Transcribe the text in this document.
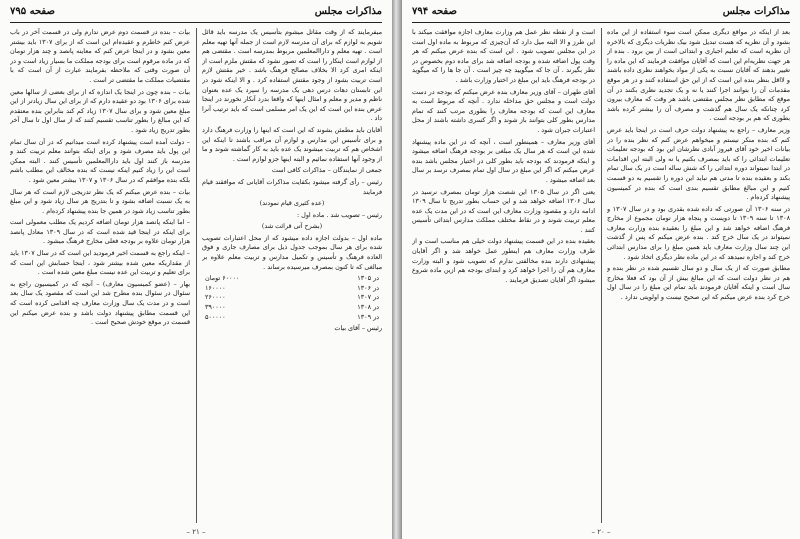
مذاکرات مجلس
صفحه ۷۹۵

میفرمایند که از وقت مقاتل میشوم بتأسیس یک مدرسه باید قائل شویم به لوازم که برای آن مدرسه لازم است از جمله آنها تهیه معلم است . تهیه معلم و داراالمعلمین مربوط بمدرسه است . مقتضی هم از لوازم است اینکار را است که تصور نشود که مقتش ملزم است از اینکه امری کرد الا بخلاف مصالح فرهنگ باشد . خیر مقتش لازم است تربیت بشود از وجود مقتش استفاده کرد . و الا اینکه شود در این تابستان دهات درس دهی یک مدرسه را سپرد یک عده بعنوان ناظم و مدیر و معلم و امثال اینها که واقعا بدرد آنکار نخورند در اینجا عرض بنده این است که این یک امر مسلمی است که باید ترتیب آنرا داد .

آقایان باید مطمئن بشوند که این است که اینها را وزارت فرهنگ دارد و برای تأسیس این مدارس و لوازم آن مراقب باشند تا اینکه این اشخاص هم که تربیت میشوند یک عده باید به کار گماشته شوند و ما از وجود آنها استفاده نمائیم و البته اینها جزو لوازم است .

جمعی از نمایندگان – مذاکرات کافی است

رئیس – رأی گرفته میشود بکفایت مذاکرات آقایانی که موافقند قیام فرمایند

(عده کثیری قیام نمودند)

رئیس – تصویب شد . ماده اول :

(بشرح آتی قرائت شد)

ماده اول – بدولت اجازه داده میشود که از محل اعتبارات تصویب شده برای هر سال بموجب جدول ذیل برای مصارف جاری و فوق العاده فرهنگ و تأسیس و تکمیل مدارس و تربیت معلم علاوه بر مبالغی که تا کنون بمصرف میرسیده برساند .

در ۱۳۰۵	۶۰۰۰۰ تومان
در ۱۳۰۶	۱۶۰۰۰۰
در ۱۳۰۷	۲۶۰۰۰۰
در ۱۳۰۸	۳۹۰۰۰۰
در ۱۳۰۹	۵۰۰۰۰۰

رئیس – آقای بیات

بیات – بنده در قسمت دوم عرض ندارم ولی در قسمت آخر در باب عرض کنم خاطرم و عقیده‌ام این است که از برای ۱۳۰۷ باید بیشتر معین بشود و در اینجا عرض کنم که معاینه پانصد و چند هزار تومان که در ماده مرقوم است برای بودجه مملکت ما بسیار زیاد است و در آن صورت وقتی که ملاحظه بفرمایند عبارت از آن است که با مقتضیات مملکت ما مقتضی تر است .

بیات – بنده چون در اینجا یک اندازه که از برای بعضی از سالها معین شده برای ۱۳۰۶ بود دو عقیده دارم که از برای این سال زیادتر از این مبلغ معین شود و برای سال ۱۳۰۷ زیاد کم کند بنابراین بنده معتقدم که این مبالغ را بطور تناسب تقسیم کنند که از سال اول تا سال آخر بطور تدریج زیاد شود .

– دولت آمده است پیشنهاد کرده است میدانیم که در آن سال تمام این پول باید مصرف شود و برای اینکه بتوانند معلم تربیت کنند و مدرسه باز کنند اول باید داراالمعلمین تأسیس کنند . البته ممکن است این را زیاد کنیم اینکه نیست که بنده مخالف این مطلب باشم بلکه بنده موافقم که در سال ۱۳۰۶ و ۱۳۰۷ بیشتر معین شود .

بیات – بنده عرض میکنم که یک نظر تدریجی لازم است که هر سال به یک نسبت اضافه بشود و تا بتدریج هر سال زیاد شود و این مبلغ بطور تناسب زیاد شود در همین جا بنده پیشنهاد کرده‌ام .

– اما اینکه پانصد هزار تومان اضافه کردیم یک مطلب معمولی است برای اینکه در اینجا قید شده است که در سال ۱۳۰۹ معادل پانصد هزار تومان علاوه بر بودجه فعلی مخارج فرهنگ میشود .

– اینکه راجع به قسمت اخیر فرمودید این است که در سال ۱۳۰۷ باید از مقداریکه معین شده بیشتر شود ، اینجا حسابش این است که برای تعلیم و تربیت این عده نیست مبلغ معین شده است .

بهار – (عضو کمیسیون معارف) – آنچه که در کمیسیون راجع به سئوال در سئوال بنده مطرح شد این است که مقصود یک سال بعد است و در مدت یک سال وزارت معارف چه اقدامی کرده است که این قسمت مطابق پیشنهاد دولت باشد و بنده عرض میکنم این قسمت در موقع خودش صحیح است .

– ۲۱ –
مذاکرات مجلس
صفحه ۷۹۴

بعد از اینکه در مواقع دیگری ممکن است سوء استفاده از این ماده بشود و آن نظریه که هست تبدیل شود بیک نظریات دیگری که بالاخره آن نظریه است که تعلیم اجباری و ابتدائی است از بین برود . بنده از هر جهت نظریه‌ام این است که آقایان موافقت فرمایند که این ماده را تغییر بدهند که آقایان نسبت به یکی از مواد بخواهند نظری داده باشند و لااقل بنظر بنده این است که از این حق استفاده کنند و در هر موقع مقدمات آن را بتوانند اجرا کنند یا نه و یک تجدید نظری بکنند در آن موقع که مطابق نظر مجلس مقتضی باشد هر وقت که معارف بیرون کرد چنانکه یک سال هم گذشت و مصرف آن را بیشتر کرده باشد بطوری که هم بر بودجه است .

وزیر معارف – راجع به پیشنهاد دولت حرف است در اینجا باید عرض کنم که بنده منکر نیستم و میخواهم عرض کنم که نظر بنده را در بیانات اخیر خود آقای فیروز آبادی نظرشان این بود که بودجه تعلیمات تعلیمات ابتدائی را که باید بمصرف بکنیم یا نه ولی البته این اقدامات در ابتدا نمیتواند دوره ابتدائی را که شش ساله است در یک سال تمام بکند و بعقیده بنده تا مدتی هم نباید این دوره را تقسیم به دو قسمت کنیم و این مبالغ مطابق تقسیم بندی است که بنده در کمیسیون پیشنهاد کرده‌ام .

در سنه ۱۳۰۶ آن صورتی که داده شده بقدری بود و در سال ۱۳۰۷ و ۱۳۰۸ تا سنه ۱۳۰۹ تا دویست و پنجاه هزار تومان مجموع از مخارج فرهنگ اضافه خواهد شد و این مبلغ را بعقیده بنده وزارت معارف نمیتواند در یک سال خرج کند . بنده عرض میکنم که پس از گذشت این چند سال وزارت معارف باید همین مبلغ را برای مدارس ابتدائی خرج کند و اجازه نمیدهد که در این ماده نظر دیگری اتخاذ شود .

مطابق صورت که از یک سال و دو سال تقسیم شده در نظر بنده و هم در نظر دولت است که این مبالغ بیش از آن بود که فعلا مخارج سال است و اینکه آقایان فرمودند باید تمام این مبلغ را در سال اول خرج کرد بنده عرض میکنم که این صحیح نیست و اولویتی ندارد .

است و از نقطه نظر عمل هم وزارت معارف اجازه موافقت میکند با این طرز و الا البته میل دارد که آن‌چیزی که مربوط به ماده اول است در این مجلس تصویب شود . این است که بنده عرض میکنم که هر وقت پول اضافه شده و بودجه اضافه شد برای ماده دوم بخصوص در نظر بگیرند . آن جا که میگویید چه چیز است . آن جا ها را که میگوید در بودجه فرهنگ باید این مبلغ در اختیار وزارت باشد .

آقای طهران – آقای وزیر معارف بنده عرض میکنم که بودجه در دست دولت است و مجلس حق مداخله ندارد . آنچه که مربوط است به معارف این است که بودجه معارف را بطوری مرتب کنند که تمام مدارس بطور کلی بتوانند باز شوند و اگر کسری داشته باشند از محل اعتبارات جبران شود .

آقای وزیر معارف – همینطور است ، آنچه که در این ماده پیشنهاد شده این است که هر سال یک مبلغی بر بودجه فرهنگ اضافه میشود و اینکه فرمودند که بودجه باید بطور کلی در اختیار مجلس باشد بنده عرض میکنم که اگر این مبلغ در سال اول تمام بمصرف نرسد بر سال بعد اضافه میشود .

یعنی اگر در سال ۱۳۰۵ این شصت هزار تومان بمصرف نرسید در سال ۱۳۰۶ اضافه خواهد شد و این حساب بطور تدریج تا سال ۱۳۰۹ ادامه دارد و مقصود وزارت معارف این است که در این مدت یک عده معلم تربیت شوند و در نقاط مختلف مملکت مدارس ابتدائی تأسیس کنند .

بعقیده بنده در این قسمت پیشنهاد دولت خیلی هم مناسب است و از طرف وزارت معارف هم اینطور عمل خواهد شد و اگر آقایان پیشنهادی دارند بنده مخالفتی ندارم که تصویب شود و البته وزارت معارف هم آن را اجرا خواهد کرد و ابتدای بودجه هم ازین ماده شروع میشود اگر آقایان تصدیق فرمایند .

– ۲۰ –
